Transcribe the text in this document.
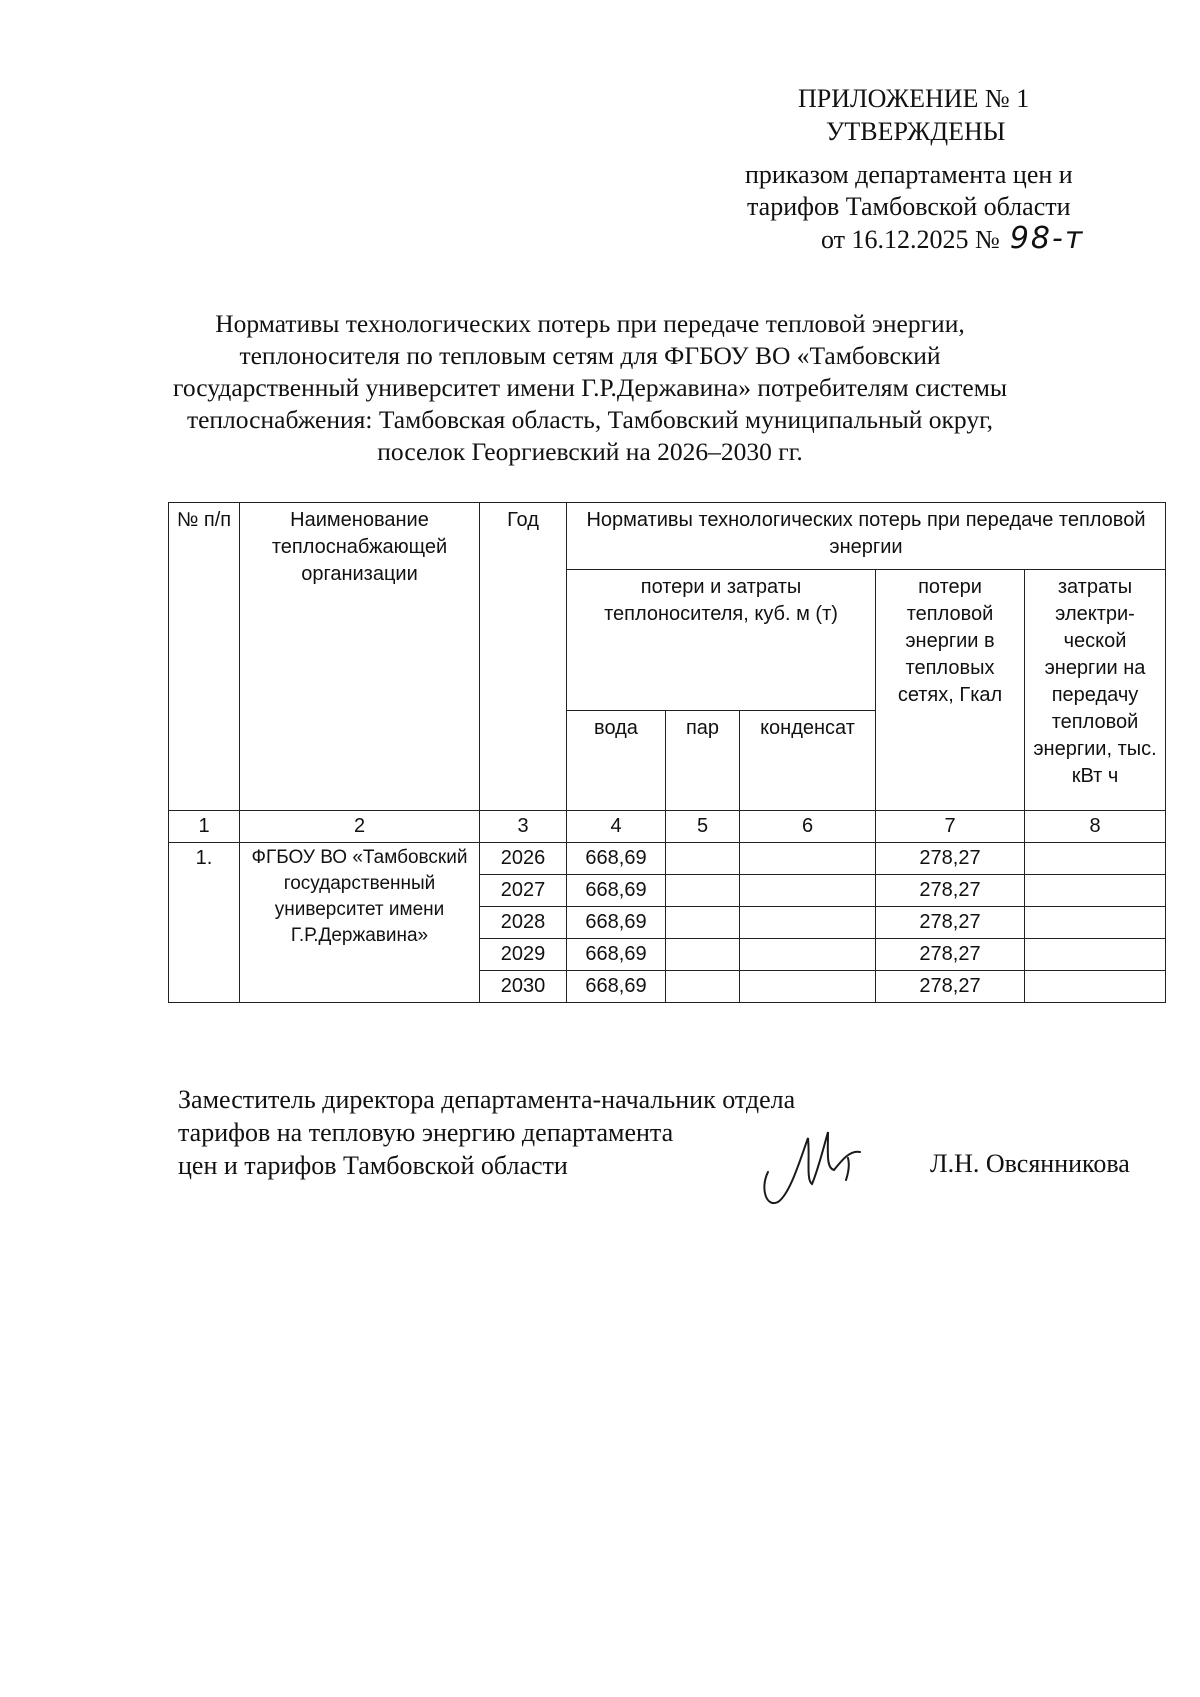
ПРИЛОЖЕНИЕ № 1
УТВЕРЖДЕНЫ
приказом департамента цен и
тарифов Тамбовской области
от 16.12.2025 № 98-т
Нормативы технологических потерь при передаче тепловой энергии,
теплоносителя по тепловым сетям для ФГБОУ ВО «Тамбовский
государственный университет имени Г.Р.Державина» потребителям системы
теплоснабжения: Тамбовская область, Тамбовский муниципальный округ,
поселок Георгиевский на 2026–2030 гг.
№ п/п	Наименование теплоснабжающей организации	Год	Нормативы технологических потерь при передаче тепловой энергии				
			потери и затраты теплоносителя, куб. м (т)			потери тепловой энергии в тепловых сетях, Гкал	затраты электри-ческой энергии на передачу тепловой энергии, тыс. кВт ч
			вода	пар	конденсат		
1	2	3	4	5	6	7	8
1.	ФГБОУ ВО «Тамбовский государственный университет имени Г.Р.Державина»	2026	668,69			278,27	
		2027	668,69			278,27	
		2028	668,69			278,27	
		2029	668,69			278,27	
		2030	668,69			278,27	
Заместитель директора департамента-начальник отдела
тарифов на тепловую энергию департамента
цен и тарифов Тамбовской области	Л.Н. Овсянникова
